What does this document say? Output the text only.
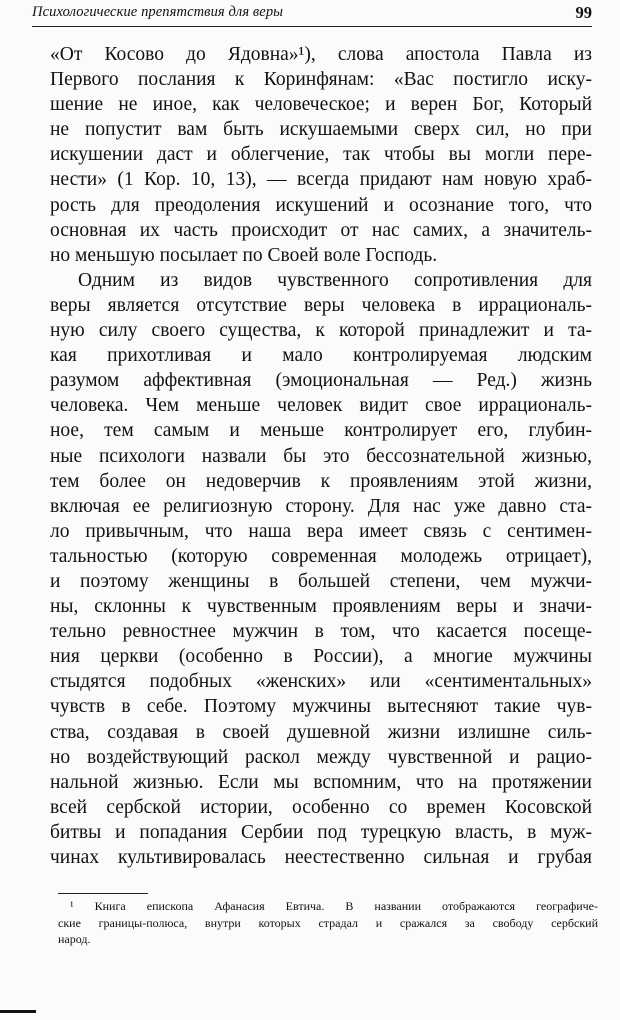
Психологические препятствия для веры	99
«От Косово до Ядовна»¹), слова апостола Павла из
Первого послания к Коринфянам: «Вас постигло иску-
шение не иное, как человеческое; и верен Бог, Который
не попустит вам быть искушаемыми сверх сил, но при
искушении даст и облегчение, так чтобы вы могли пере-
нести» (1 Кор. 10, 13), — всегда придают нам новую храб-
рость для преодоления искушений и осознание того, что
основная их часть происходит от нас самих, а значитель-
но меньшую посылает по Своей воле Господь.
Одним из видов чувственного сопротивления для
веры является отсутствие веры человека в иррациональ-
ную силу своего существа, к которой принадлежит и та-
кая прихотливая и мало контролируемая людским
разумом аффективная (эмоциональная — Ред.) жизнь
человека. Чем меньше человек видит свое иррациональ-
ное, тем самым и меньше контролирует его, глубин-
ные психологи назвали бы это бессознательной жизнью,
тем более он недоверчив к проявлениям этой жизни,
включая ее религиозную сторону. Для нас уже давно ста-
ло привычным, что наша вера имеет связь с сентимен-
тальностью (которую современная молодежь отрицает),
и поэтому женщины в большей степени, чем мужчи-
ны, склонны к чувственным проявлениям веры и значи-
тельно ревностнее мужчин в том, что касается посеще-
ния церкви (особенно в России), а многие мужчины
стыдятся подобных «женских» или «сентиментальных»
чувств в себе. Поэтому мужчины вытесняют такие чув-
ства, создавая в своей душевной жизни излишне силь-
но воздействующий раскол между чувственной и рацио-
нальной жизнью. Если мы вспомним, что на протяжении
всей сербской истории, особенно со времен Косовской
битвы и попадания Сербии под турецкую власть, в муж-
чинах культивировалась неестественно сильная и грубая
¹ Книга епископа Афанасия Евтича. В названии отображаются географиче-
ские границы-полюса, внутри которых страдал и сражался за свободу сербский
народ.
